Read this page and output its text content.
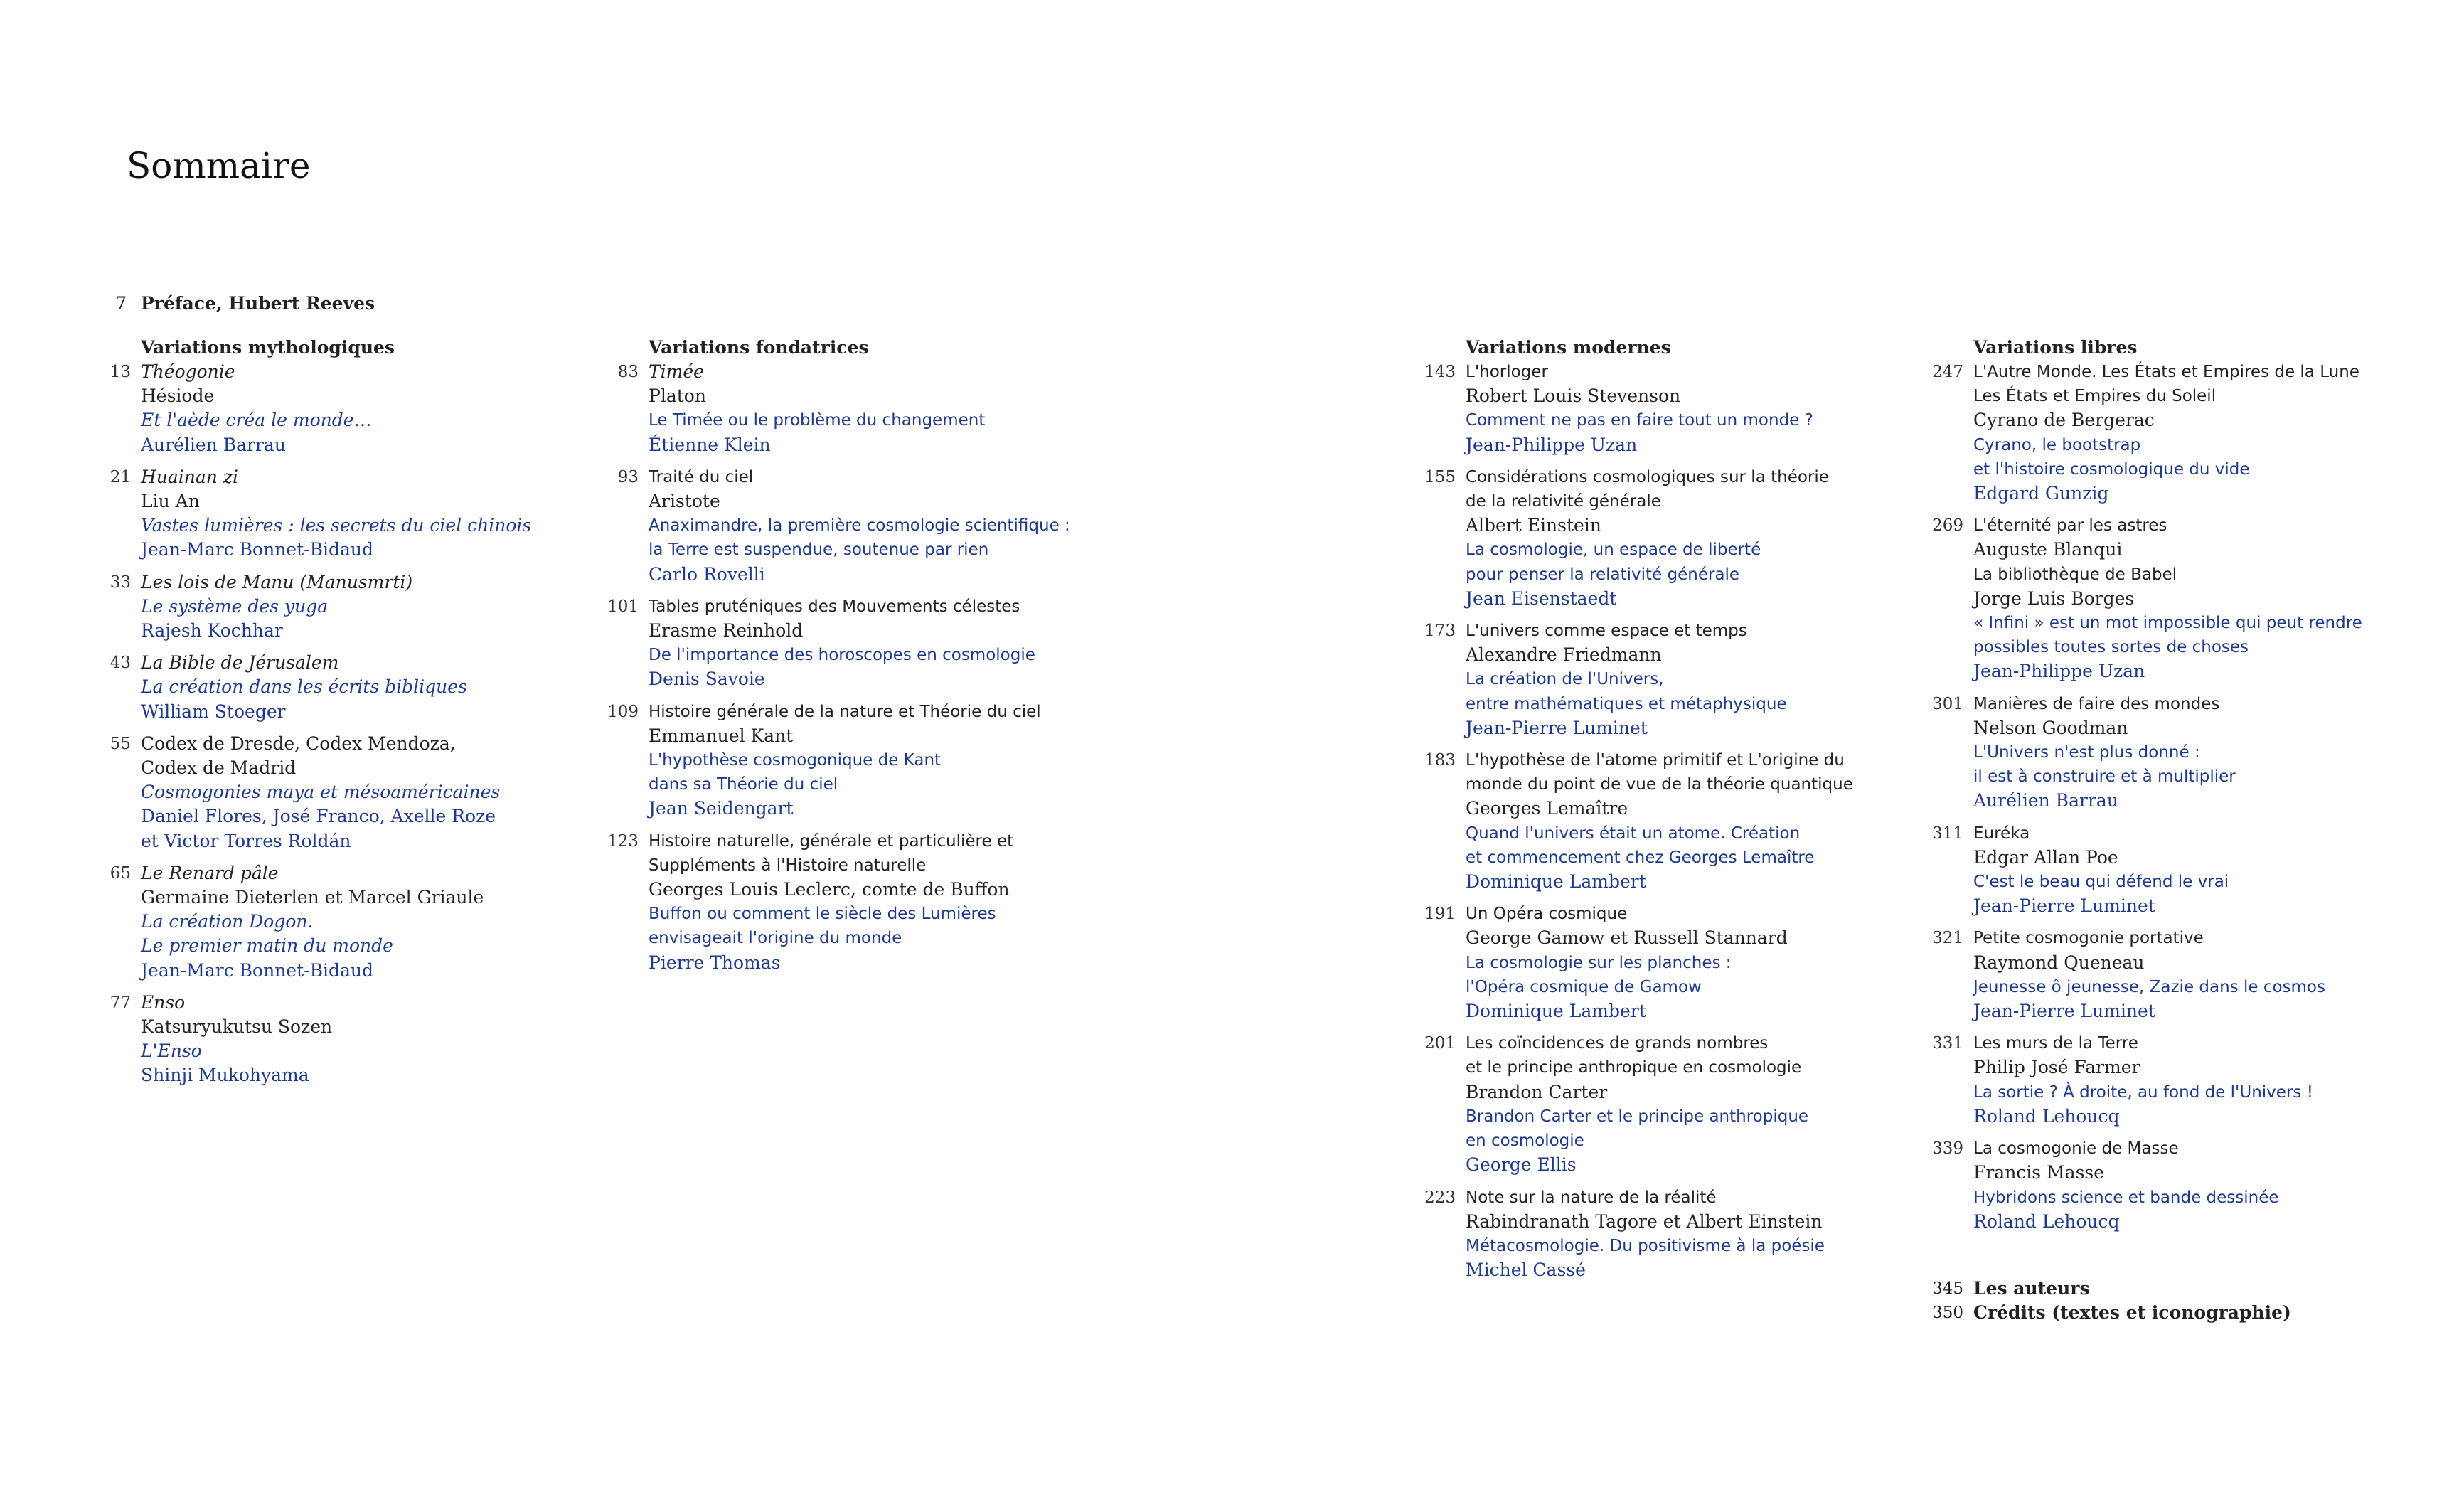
Sommaire
7 Préface, Hubert Reeves
Variations mythologiques
13 Théogonie
Hésiode
Et l'aède créa le monde…
Aurélien Barrau
21 Huainan zi
Liu An
Vastes lumières : les secrets du ciel chinois
Jean-Marc Bonnet-Bidaud
33 Les lois de Manu (Manusmrti)
Le système des yuga
Rajesh Kochhar
43 La Bible de Jérusalem
La création dans les écrits bibliques
William Stoeger
55 Codex de Dresde, Codex Mendoza,
Codex de Madrid
Cosmogonies maya et mésoaméricaines
Daniel Flores, José Franco, Axelle Roze
et Victor Torres Roldán
65 Le Renard pâle
Germaine Dieterlen et Marcel Griaule
La création Dogon.
Le premier matin du monde
Jean-Marc Bonnet-Bidaud
77 Enso
Katsuryukutsu Sozen
L'Enso
Shinji Mukohyama
Variations fondatrices
83 Timée
Platon
Le Timée ou le problème du changement
Étienne Klein
93 Traité du ciel
Aristote
Anaximandre, la première cosmologie scientifique :
la Terre est suspendue, soutenue par rien
Carlo Rovelli
101 Tables pruténiques des Mouvements célestes
Erasme Reinhold
De l'importance des horoscopes en cosmologie
Denis Savoie
109 Histoire générale de la nature et Théorie du ciel
Emmanuel Kant
L'hypothèse cosmogonique de Kant
dans sa Théorie du ciel
Jean Seidengart
123 Histoire naturelle, générale et particulière et
Suppléments à l'Histoire naturelle
Georges Louis Leclerc, comte de Buffon
Buffon ou comment le siècle des Lumières
envisageait l'origine du monde
Pierre Thomas
Variations modernes
143 L'horloger
Robert Louis Stevenson
Comment ne pas en faire tout un monde ?
Jean-Philippe Uzan
155 Considérations cosmologiques sur la théorie
de la relativité générale
Albert Einstein
La cosmologie, un espace de liberté
pour penser la relativité générale
Jean Eisenstaedt
173 L'univers comme espace et temps
Alexandre Friedmann
La création de l'Univers,
entre mathématiques et métaphysique
Jean-Pierre Luminet
183 L'hypothèse de l'atome primitif et L'origine du
monde du point de vue de la théorie quantique
Georges Lemaître
Quand l'univers était un atome. Création
et commencement chez Georges Lemaître
Dominique Lambert
191 Un Opéra cosmique
George Gamow et Russell Stannard
La cosmologie sur les planches :
l'Opéra cosmique de Gamow
Dominique Lambert
201 Les coïncidences de grands nombres
et le principe anthropique en cosmologie
Brandon Carter
Brandon Carter et le principe anthropique
en cosmologie
George Ellis
223 Note sur la nature de la réalité
Rabindranath Tagore et Albert Einstein
Métacosmologie. Du positivisme à la poésie
Michel Cassé
Variations libres
247 L'Autre Monde. Les États et Empires de la Lune
Les États et Empires du Soleil
Cyrano de Bergerac
Cyrano, le bootstrap
et l'histoire cosmologique du vide
Edgard Gunzig
269 L'éternité par les astres
Auguste Blanqui
La bibliothèque de Babel
Jorge Luis Borges
« Infini » est un mot impossible qui peut rendre
possibles toutes sortes de choses
Jean-Philippe Uzan
301 Manières de faire des mondes
Nelson Goodman
L'Univers n'est plus donné :
il est à construire et à multiplier
Aurélien Barrau
311 Euréka
Edgar Allan Poe
C'est le beau qui défend le vrai
Jean-Pierre Luminet
321 Petite cosmogonie portative
Raymond Queneau
Jeunesse ô jeunesse, Zazie dans le cosmos
Jean-Pierre Luminet
331 Les murs de la Terre
Philip José Farmer
La sortie ? À droite, au fond de l'Univers !
Roland Lehoucq
339 La cosmogonie de Masse
Francis Masse
Hybridons science et bande dessinée
Roland Lehoucq
345 Les auteurs
350 Crédits (textes et iconographie)
